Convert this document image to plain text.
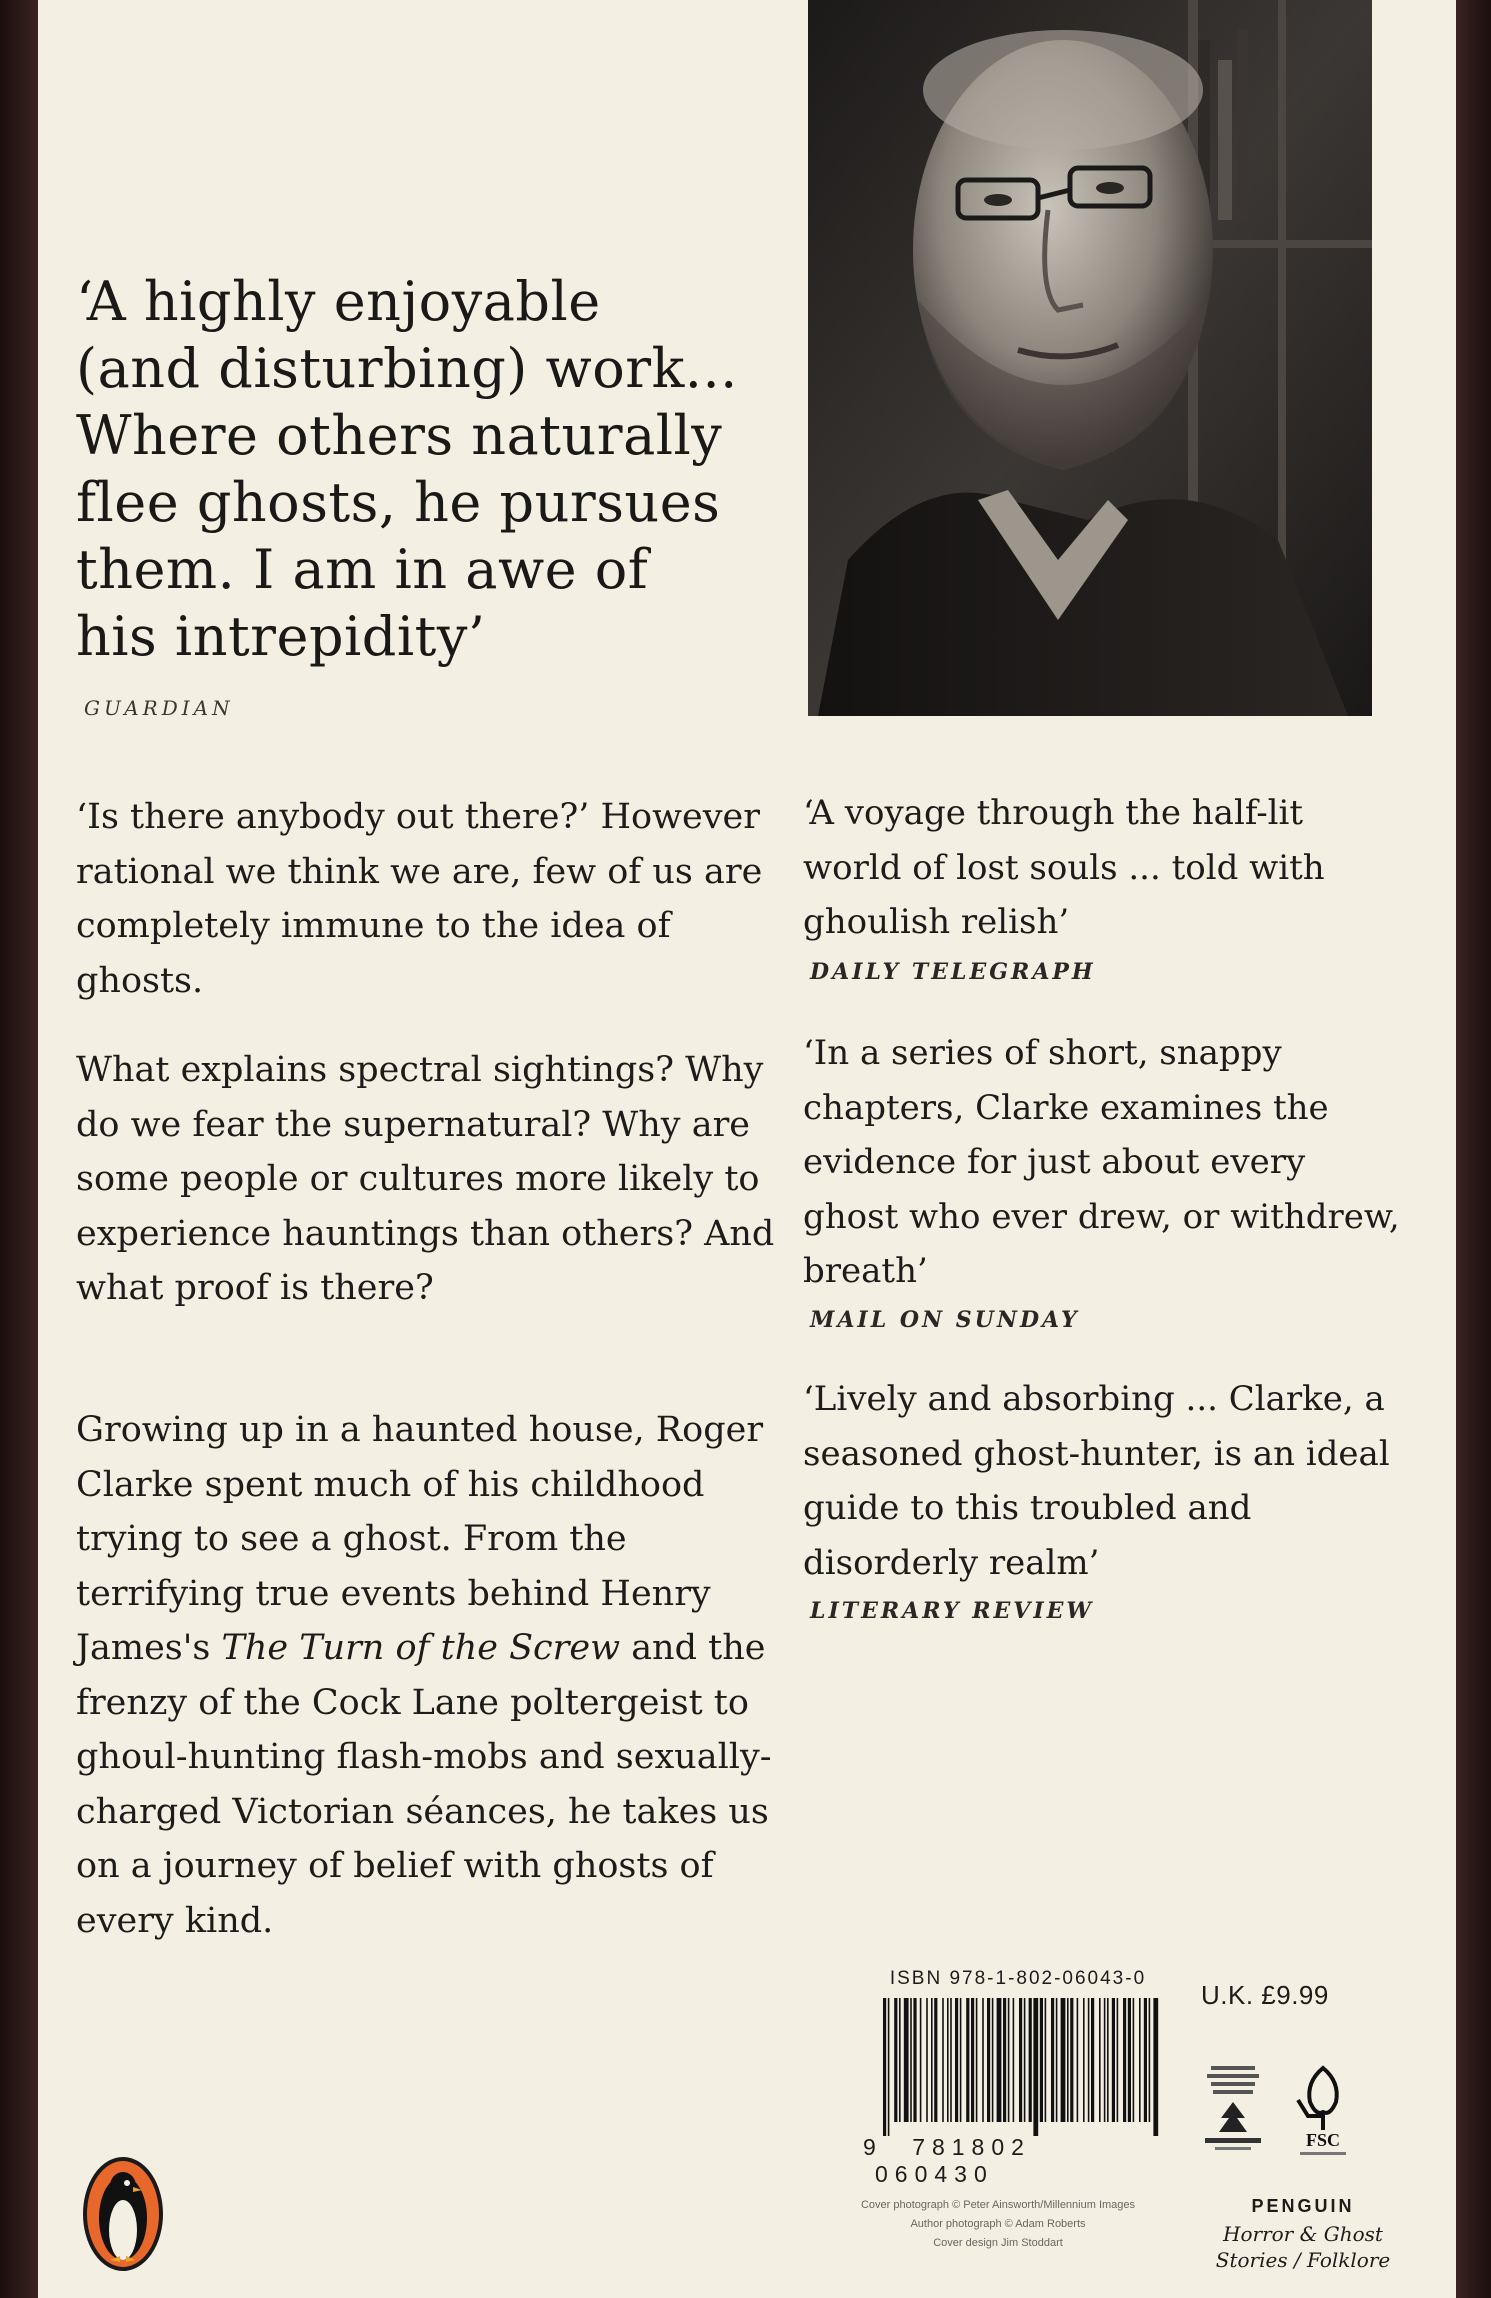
‘A highly enjoyable
(and disturbing) work...
Where others naturally
flee ghosts, he pursues
them. I am in awe of
his intrepidity’

GUARDIAN

‘Is there anybody out there?’ However rational we think we are, few of us are completely immune to the idea of ghosts.

What explains spectral sightings? Why do we fear the supernatural? Why are some people or cultures more likely to experience hauntings than others? And what proof is there?

Growing up in a haunted house, Roger Clarke spent much of his childhood trying to see a ghost. From the terrifying true events behind Henry James's The Turn of the Screw and the frenzy of the Cock Lane poltergeist to ghoul-hunting flash-mobs and sexually-charged Victorian séances, he takes us on a journey of belief with ghosts of every kind.

‘A voyage through the half-lit world of lost souls ... told with ghoulish relish’

DAILY TELEGRAPH

‘In a series of short, snappy chapters, Clarke examines the evidence for just about every ghost who ever drew, or withdrew, breath’

MAIL ON SUNDAY

‘Lively and absorbing ... Clarke, a seasoned ghost-hunter, is an ideal guide to this troubled and disorderly realm’

LITERARY REVIEW
ISBN 978-1-802-06043-0
9 781802 060430
U.K. £9.99
FSC
PENGUIN
Horror & Ghost
Stories / Folklore
Cover photograph © Peter Ainsworth/Millennium Images
Author photograph © Adam Roberts
Cover design Jim Stoddart
